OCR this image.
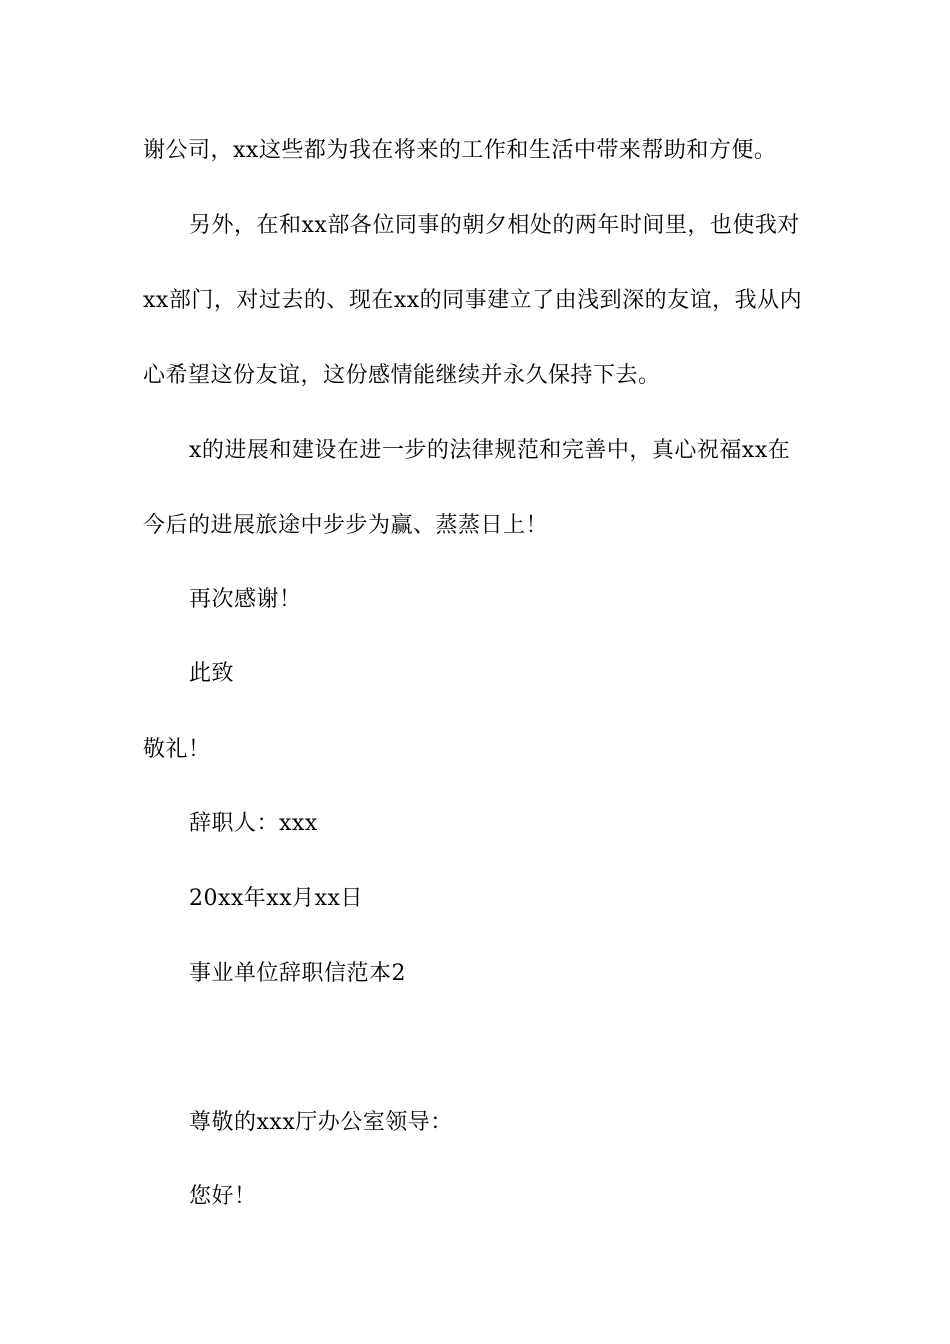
谢公司，xx这些都为我在将来的工作和生活中带来帮助和方便。
另外，在和xx部各位同事的朝夕相处的两年时间里，也使我对
xx部门，对过去的、现在xx的同事建立了由浅到深的友谊，我从内
心希望这份友谊，这份感情能继续并永久保持下去。
x的进展和建设在进一步的法律规范和完善中，真心祝福xx在
今后的进展旅途中步步为赢、蒸蒸日上！
再次感谢！
此致
敬礼！
辞职人：xxx
20xx年xx月xx日
事业单位辞职信范本2
尊敬的xxx厅办公室领导：
您好！
